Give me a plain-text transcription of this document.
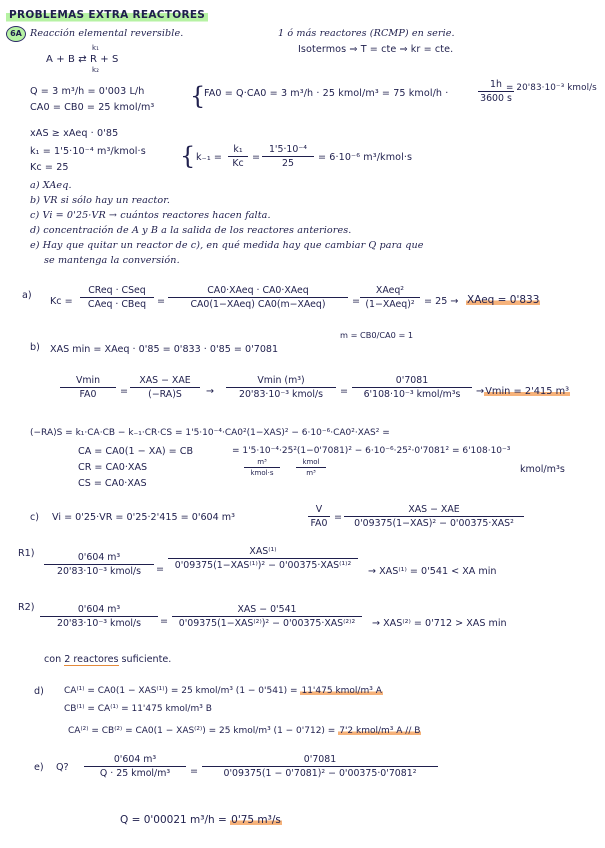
PROBLEMAS EXTRA REACTORES
6A Reacción elemental reversible.	1 ó más reactores (RCMP) en serie.
A + B ⇄ R + S
k₁
k₂
Isotermos ⇒ T = cte ⇒ kr = cte.
Q = 3 m³/h = 0'003 L/h
CA0 = CB0 = 25 kmol/m³ {
FA0 = Q·CA0 = 3 m³/h · 25 kmol/m³ = 75 kmol/h ·
1h
3600 s
= 20'83·10⁻³ kmol/s
xAS ≥ xAeq · 0'85
k₁ = 1'5·10⁻⁴ m³/kmol·s
Kc = 25	{ k₋₁ =
k₁
Kc
=
1'5·10⁻⁴
25
= 6·10⁻⁶ m³/kmol·s
a) XAeq.
b) VR si sólo hay un reactor.
c) Vi = 0'25·VR → cuántos reactores hacen falta.
d) concentración de A y B a la salida de los reactores anteriores.
e) Hay que quitar un reactor de c), en qué medida hay que cambiar Q para que
se mantenga la conversión.
a)
Kc =
CReq · CSeq
CAeq · CBeq	=
CA0·XAeq · CA0·XAeq
CA0(1−XAeq) CA0(m−XAeq)	=
XAeq²
(1−XAeq)² = 25 → XAeq = 0'833
m = CB0/CA0 = 1
b) XAS min = XAeq · 0'85 = 0'833 · 0'85 = 0'7081
Vmin
FA0	=
XAS − XAE
(−RA)S	→
Vmin (m³)
20'83·10⁻³ kmol/s	=
0'7081
6'108·10⁻³ kmol/m³s	→Vmin = 2'415 m³
(−RA)S = k₁·CA·CB − k₋₁·CR·CS = 1'5·10⁻⁴·CA0²(1−XAS)² − 6·10⁻⁶·CA0²·XAS² =
CA = CA0(1 − XA) = CB	= 1'5·10⁻⁴·25²(1−0'7081)² − 6·10⁻⁶·25²·0'7081² = 6'108·10⁻³
kmol/m³s
CR = CA0·XAS
CS = CA0·XAS
m³
kmol·s
kmol
m³
c) Vi = 0'25·VR = 0'25·2'415 = 0'604 m³
V
FA0
=
XAS − XAE
0'09375(1−XAS)² − 0'00375·XAS²
R1)	0'604 m³
20'83·10⁻³ kmol/s	=
XAS⁽¹⁾
0'09375(1−XAS⁽¹⁾)² − 0'00375·XAS⁽¹⁾²
→ XAS⁽¹⁾ = 0'541 < XA min
R2)	0'604 m³
20'83·10⁻³ kmol/s	=
XAS − 0'541
0'09375(1−XAS⁽²⁾)² − 0'00375·XAS⁽²⁾²	→ XAS⁽²⁾ = 0'712 > XAS min
con 2 reactores suficiente.
d) CA⁽¹⁾ = CA0(1 − XAS⁽¹⁾) = 25 kmol/m³ (1 − 0'541) = 11'475 kmol/m³ A
CB⁽¹⁾ = CA⁽¹⁾ = 11'475 kmol/m³ B
CA⁽²⁾ = CB⁽²⁾ = CA0(1 − XAS⁽²⁾) = 25 kmol/m³ (1 − 0'712) = 7'2 kmol/m³ A // B
e) Q?
0'604 m³
Q · 25 kmol/m³	=
0'7081
0'09375(1 − 0'7081)² − 0'00375·0'7081²
Q = 0'00021 m³/h = 0'75 m³/s
